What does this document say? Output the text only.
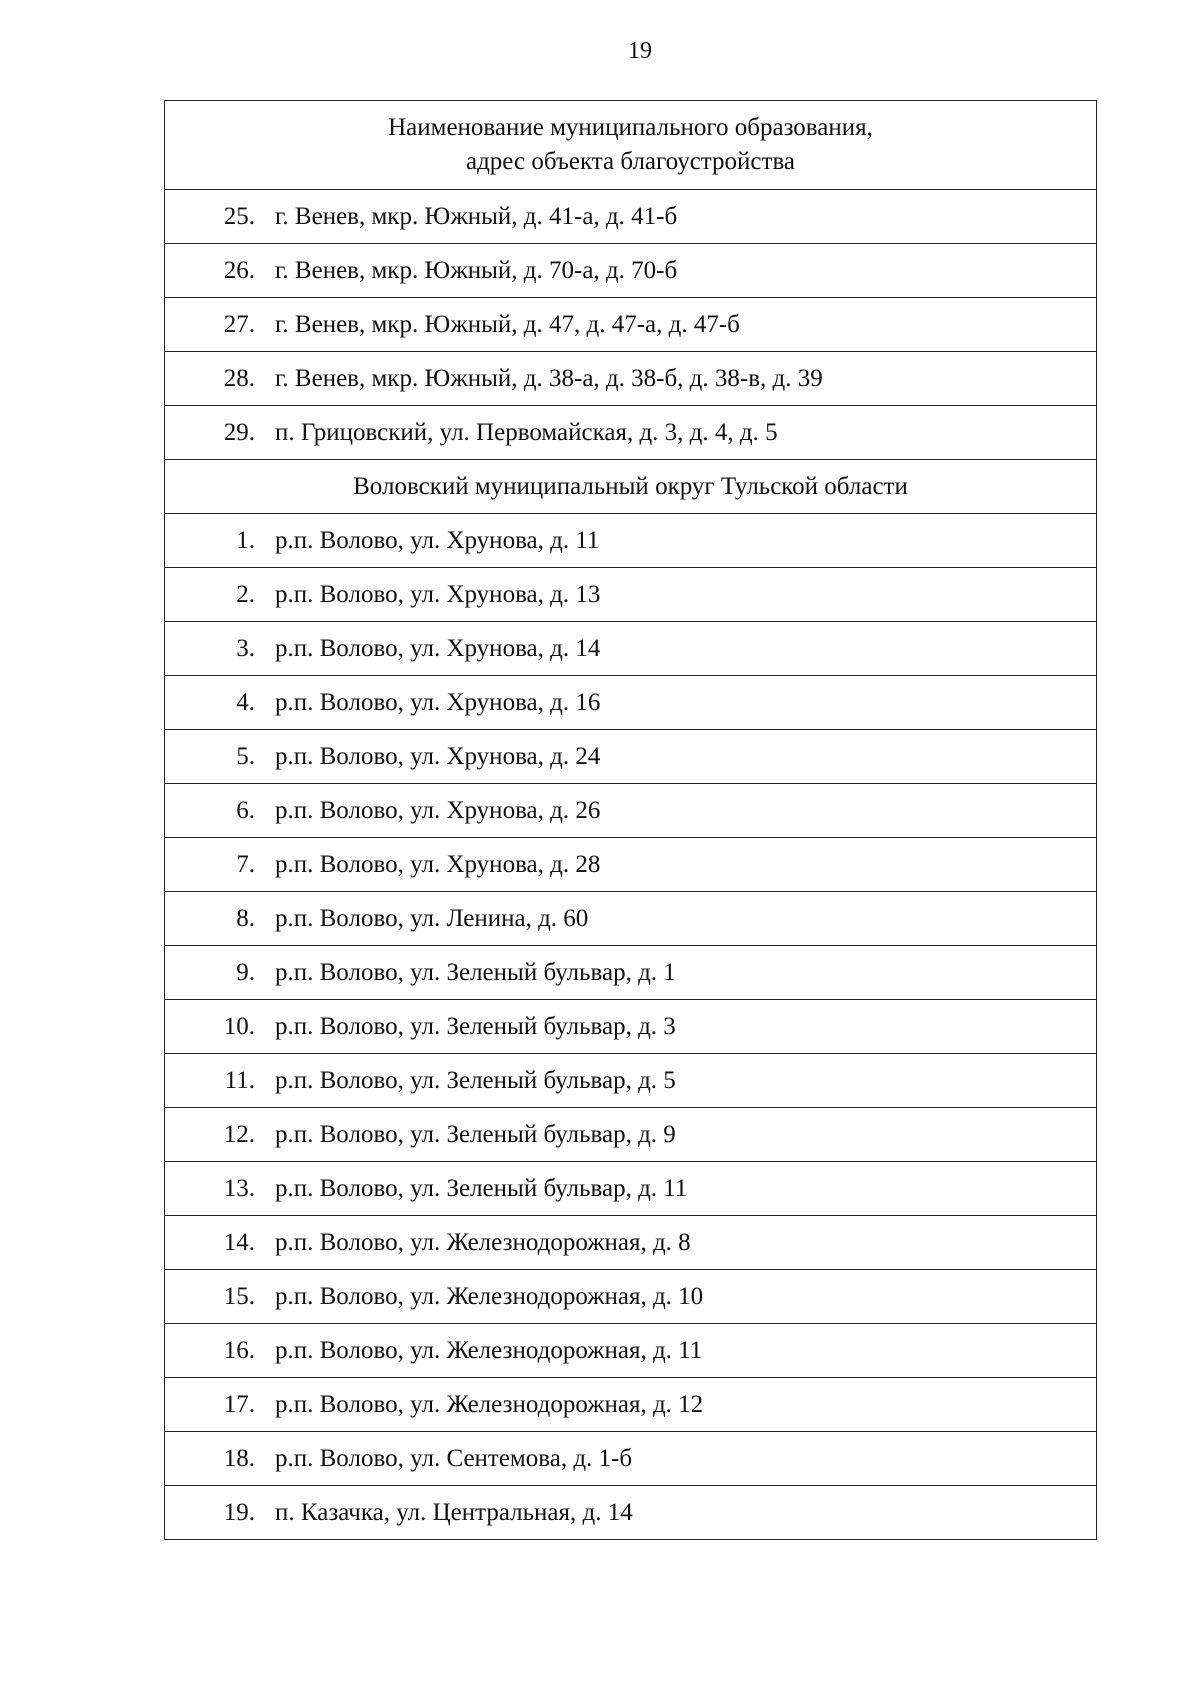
19
Наименование муниципального образования,
адрес объекта благоустройства
25. г. Венев, мкр. Южный, д. 41-а, д. 41-б
26. г. Венев, мкр. Южный, д. 70-а, д. 70-б
27. г. Венев, мкр. Южный, д. 47, д. 47-а, д. 47-б
28. г. Венев, мкр. Южный, д. 38-а, д. 38-б, д. 38-в, д. 39
29. п. Грицовский, ул. Первомайская, д. 3, д. 4, д. 5
Воловский муниципальный округ Тульской области
1. р.п. Волово, ул. Хрунова, д. 11
2. р.п. Волово, ул. Хрунова, д. 13
3. р.п. Волово, ул. Хрунова, д. 14
4. р.п. Волово, ул. Хрунова, д. 16
5. р.п. Волово, ул. Хрунова, д. 24
6. р.п. Волово, ул. Хрунова, д. 26
7. р.п. Волово, ул. Хрунова, д. 28
8. р.п. Волово, ул. Ленина, д. 60
9. р.п. Волово, ул. Зеленый бульвар, д. 1
10. р.п. Волово, ул. Зеленый бульвар, д. 3
11. р.п. Волово, ул. Зеленый бульвар, д. 5
12. р.п. Волово, ул. Зеленый бульвар, д. 9
13. р.п. Волово, ул. Зеленый бульвар, д. 11
14. р.п. Волово, ул. Железнодорожная, д. 8
15. р.п. Волово, ул. Железнодорожная, д. 10
16. р.п. Волово, ул. Железнодорожная, д. 11
17. р.п. Волово, ул. Железнодорожная, д. 12
18. р.п. Волово, ул. Сентемова, д. 1-б
19. п. Казачка, ул. Центральная, д. 14
